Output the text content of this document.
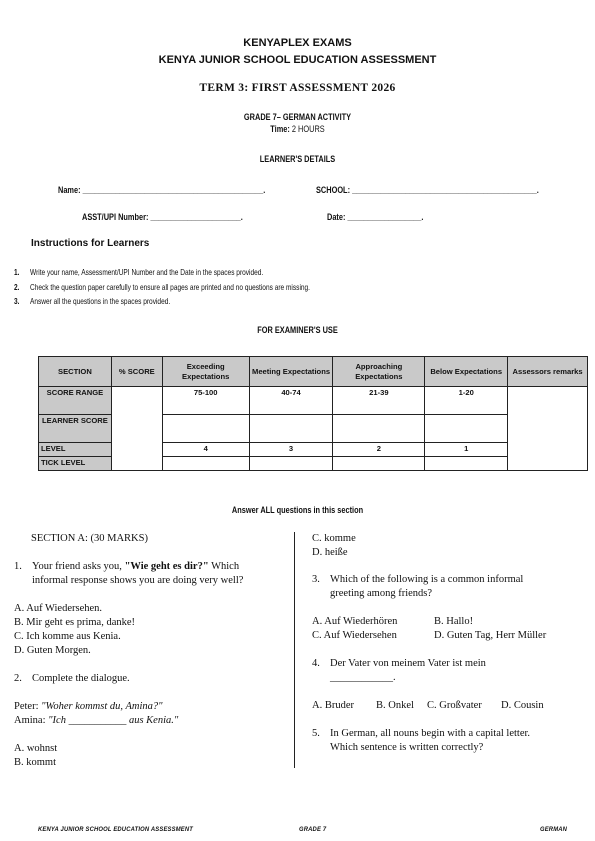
KENYAPLEX EXAMS
KENYA JUNIOR SCHOOL EDUCATION ASSESSMENT
TERM 3: FIRST ASSESSMENT 2026
GRADE 7– GERMAN ACTIVITY
Time: 2 HOURS
LEARNER'S DETAILS
Name: ____________________________________________.	SCHOOL: _____________________________________________.
ASST/UPI Number: ______________________.	Date: __________________.
Instructions for Learners
1. Write your name, Assessment/UPI Number and the Date in the spaces provided.
2. Check the question paper carefully to ensure all pages are printed and no questions are missing.
3. Answer all the questions in the spaces provided.
FOR EXAMINER'S USE
SECTION	% SCORE	Exceeding Expectations	Meeting Expectations	Approaching Expectations	Below Expectations	Assessors remarks
SCORE RANGE		75-100	40-74	21-39	1-20	
LEARNER SCORE						
LEVEL		4	3	2	1	
TICK LEVEL						
Answer ALL questions in this section
SECTION A: (30 MARKS)
1. Your friend asks you, "Wie geht es dir?" Which
informal response shows you are doing very well?
A. Auf Wiedersehen.
B. Mir geht es prima, danke!
C. Ich komme aus Kenia.
D. Guten Morgen.
2. Complete the dialogue.
Peter: "Woher kommst du, Amina?"
Amina: "Ich ___________ aus Kenia."
A. wohnst
B. kommt
C. komme
D. heiße
3. Which of the following is a common informal
greeting among friends?
A. Auf Wiederhören	B. Hallo!
C. Auf Wiedersehen	D. Guten Tag, Herr Müller
4. Der Vater von meinem Vater ist mein
____________.
A. Bruder B. Onkel C. Großvater D. Cousin
5. In German, all nouns begin with a capital letter.
Which sentence is written correctly?
KENYA JUNIOR SCHOOL EDUCATION ASSESSMENT	GRADE 7	GERMAN
